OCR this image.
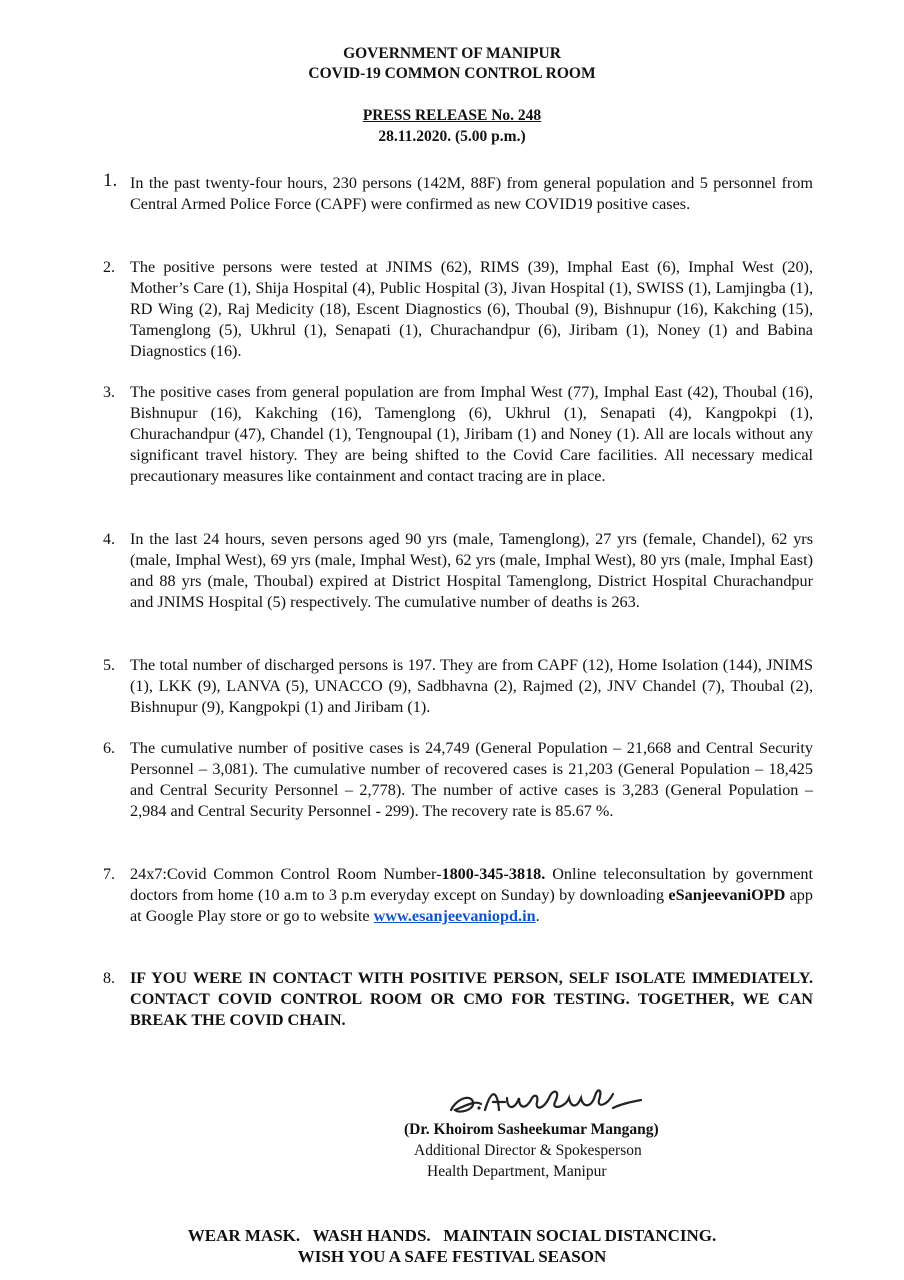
GOVERNMENT OF MANIPUR
COVID-19 COMMON CONTROL ROOM
PRESS RELEASE No. 248
28.11.2020. (5.00 p.m.)
1. In the past twenty-four hours, 230 persons (142M, 88F) from general population and 5 personnel from Central Armed Police Force (CAPF) were confirmed as new COVID19 positive cases.
2. The positive persons were tested at JNIMS (62), RIMS (39), Imphal East (6), Imphal West (20), Mother’s Care (1), Shija Hospital (4), Public Hospital (3), Jivan Hospital (1), SWISS (1), Lamjingba (1), RD Wing (2), Raj Medicity (18), Escent Diagnostics (6), Thoubal (9), Bishnupur (16), Kakching (15), Tamenglong (5), Ukhrul (1), Senapati (1), Churachandpur (6), Jiribam (1), Noney (1) and Babina Diagnostics (16).
3. The positive cases from general population are from Imphal West (77), Imphal East (42), Thoubal (16), Bishnupur (16), Kakching (16), Tamenglong (6), Ukhrul (1), Senapati (4), Kangpokpi (1), Churachandpur (47), Chandel (1), Tengnoupal (1), Jiribam (1) and Noney (1). All are locals without any significant travel history. They are being shifted to the Covid Care facilities. All necessary medical precautionary measures like containment and contact tracing are in place.
4. In the last 24 hours, seven persons aged 90 yrs (male, Tamenglong), 27 yrs (female, Chandel), 62 yrs (male, Imphal West), 69 yrs (male, Imphal West), 62 yrs (male, Imphal West), 80 yrs (male, Imphal East) and 88 yrs (male, Thoubal) expired at District Hospital Tamenglong, District Hospital Churachandpur and JNIMS Hospital (5) respectively. The cumulative number of deaths is 263.
5. The total number of discharged persons is 197. They are from CAPF (12), Home Isolation (144), JNIMS (1), LKK (9), LANVA (5), UNACCO (9), Sadbhavna (2), Rajmed (2), JNV Chandel (7), Thoubal (2), Bishnupur (9), Kangpokpi (1) and Jiribam (1).
6. The cumulative number of positive cases is 24,749 (General Population – 21,668 and Central Security Personnel – 3,081). The cumulative number of recovered cases is 21,203 (General Population – 18,425 and Central Security Personnel – 2,778). The number of active cases is 3,283 (General Population – 2,984 and Central Security Personnel - 299). The recovery rate is 85.67 %.
7. 24x7:Covid Common Control Room Number-1800-345-3818. Online teleconsultation by government doctors from home (10 a.m to 3 p.m everyday except on Sunday) by downloading eSanjeevaniOPD app at Google Play store or go to website www.esanjeevaniopd.in.
8. IF YOU WERE IN CONTACT WITH POSITIVE PERSON, SELF ISOLATE IMMEDIATELY. CONTACT COVID CONTROL ROOM OR CMO FOR TESTING. TOGETHER, WE CAN BREAK THE COVID CHAIN.
(Dr. Khoirom Sasheekumar Mangang)
Additional Director & Spokesperson
Health Department, Manipur
WEAR MASK.   WASH HANDS.   MAINTAIN SOCIAL DISTANCING.
WISH YOU A SAFE FESTIVAL SEASON
